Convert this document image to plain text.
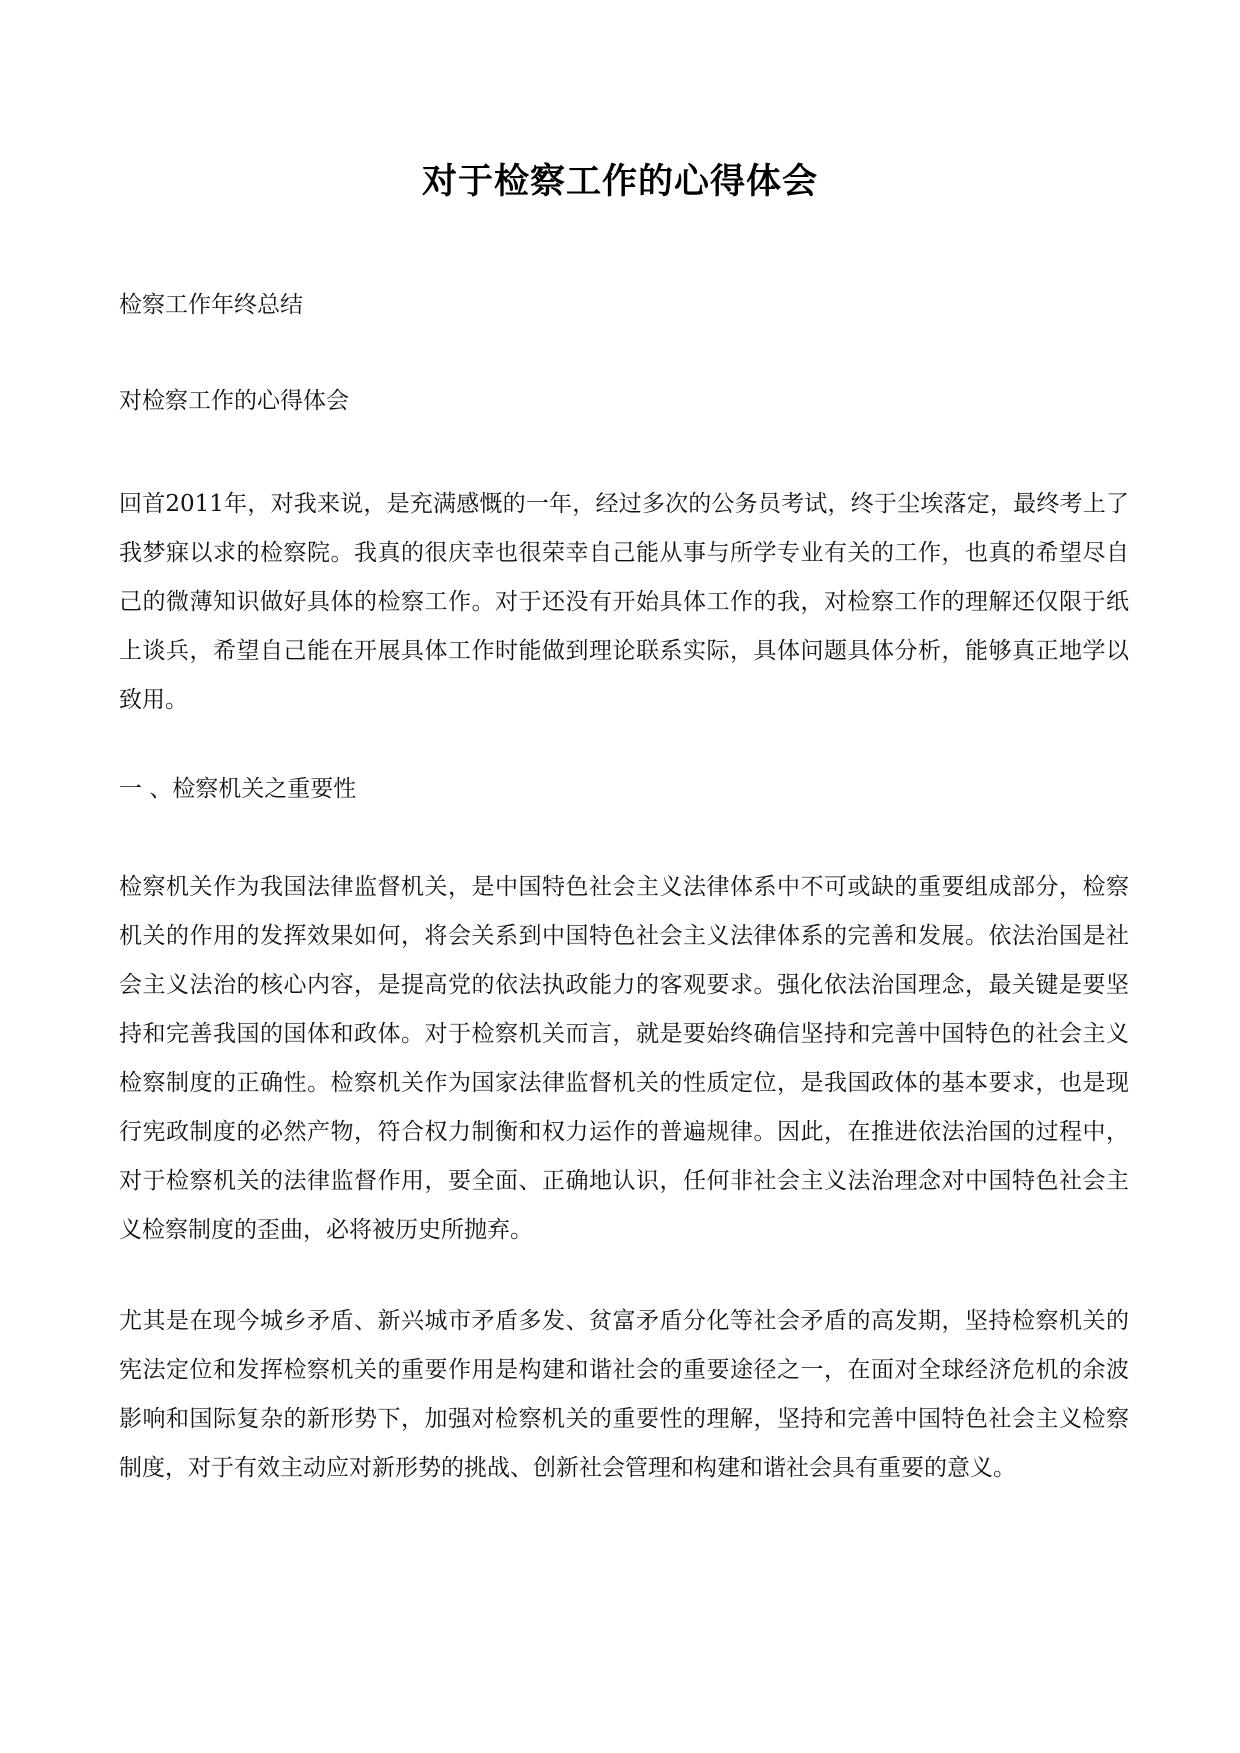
对于检察工作的心得体会
检察工作年终总结
对检察工作的心得体会
回首2011年，对我来说，是充满感慨的一年，经过多次的公务员考试，终于尘埃落定，最终考上了我梦寐以求的检察院。我真的很庆幸也很荣幸自己能从事与所学专业有关的工作，也真的希望尽自己的微薄知识做好具体的检察工作。对于还没有开始具体工作的我，对检察工作的理解还仅限于纸上谈兵，希望自己能在开展具体工作时能做到理论联系实际，具体问题具体分析，能够真正地学以致用。
一 、检察机关之重要性
检察机关作为我国法律监督机关，是中国特色社会主义法律体系中不可或缺的重要组成部分，检察机关的作用的发挥效果如何，将会关系到中国特色社会主义法律体系的完善和发展。依法治国是社会主义法治的核心内容，是提高党的依法执政能力的客观要求。强化依法治国理念，最关键是要坚持和完善我国的国体和政体。对于检察机关而言，就是要始终确信坚持和完善中国特色的社会主义检察制度的正确性。检察机关作为国家法律监督机关的性质定位，是我国政体的基本要求，也是现行宪政制度的必然产物，符合权力制衡和权力运作的普遍规律。因此，在推进依法治国的过程中，对于检察机关的法律监督作用，要全面、正确地认识，任何非社会主义法治理念对中国特色社会主义检察制度的歪曲，必将被历史所抛弃。
尤其是在现今城乡矛盾、新兴城市矛盾多发、贫富矛盾分化等社会矛盾的高发期，坚持检察机关的宪法定位和发挥检察机关的重要作用是构建和谐社会的重要途径之一，在面对全球经济危机的余波影响和国际复杂的新形势下，加强对检察机关的重要性的理解，坚持和完善中国特色社会主义检察制度，对于有效主动应对新形势的挑战、创新社会管理和构建和谐社会具有重要的意义。
